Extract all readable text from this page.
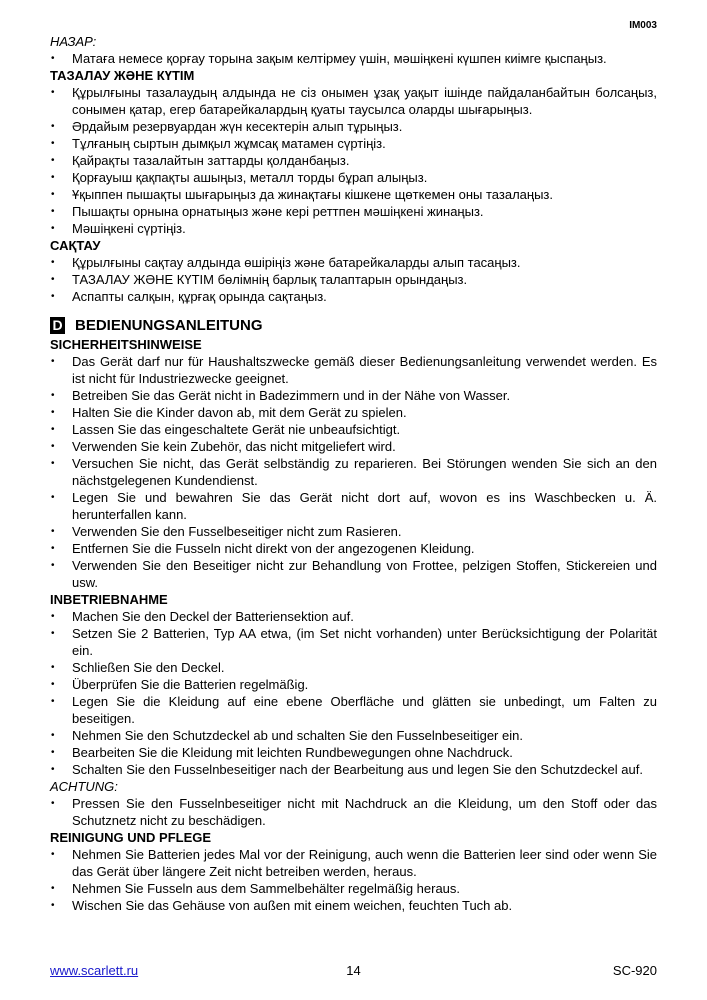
IM003
НАЗАР:
• Матаға немесе қорғау торына зақым келтірмеу үшін, мәшіңкені күшпен киімге қыспаңыз.
ТАЗАЛАУ ЖӘНЕ КҮТІМ
• Құрылғыны тазалаудың алдында не сіз онымен ұзақ уақыт ішінде пайдаланбайтын болсаңыз, сонымен қатар, егер батарейкалардың қуаты таусылса оларды шығарыңыз.
• Әрдайым резервуардан жүн кесектерін алып тұрыңыз.
• Тұлғаның сыртын дымқыл жұмсақ матамен сүртіңіз.
• Қайрақты тазалайтын заттарды қолданбаңыз.
• Қорғауыш қақпақты ашыңыз, металл торды бұрап алыңыз.
• Ұқыппен пышақты шығарыңыз да жинақтағы кішкене щөткемен оны тазалаңыз.
• Пышақты орнына орнатыңыз және кері реттпен мәшіңкені жинаңыз.
• Мәшіңкені сүртіңіз.
САҚТАУ
• Құрылғыны сақтау алдында өшіріңіз және батарейкаларды алып тасаңыз.
• ТАЗАЛАУ ЖӘНЕ КҮТІМ бөлімнің барлық талаптарын орындаңыз.
• Аспапты салқын, құрғақ орында сақтаңыз.
D BEDIENUNGSANLEITUNG
SICHERHEITSHINWEISE
• Das Gerät darf nur für Haushaltszwecke gemäß dieser Bedienungsanleitung verwendet werden. Es ist nicht für Industriezwecke geeignet.
• Betreiben Sie das Gerät nicht in Badezimmern und in der Nähe von Wasser.
• Halten Sie die Kinder davon ab, mit dem Gerät zu spielen.
• Lassen Sie das eingeschaltete Gerät nie unbeaufsichtigt.
• Verwenden Sie kein Zubehör, das nicht mitgeliefert wird.
• Versuchen Sie nicht, das Gerät selbständig zu reparieren. Bei Störungen wenden Sie sich an den nächstgelegenen Kundendienst.
• Legen Sie und bewahren Sie das Gerät nicht dort auf, wovon es ins Waschbecken u. Ä. herunterfallen kann.
• Verwenden Sie den Fusselbeseitiger nicht zum Rasieren.
• Entfernen Sie die Fusseln nicht direkt von der angezogenen Kleidung.
• Verwenden Sie den Beseitiger nicht zur Behandlung von Frottee, pelzigen Stoffen, Stickereien und usw.
INBETRIEBNAHME
• Machen Sie den Deckel der Batteriensektion auf.
• Setzen Sie 2 Batterien, Typ AA etwa, (im Set nicht vorhanden) unter Berücksichtigung der Polarität ein.
• Schließen Sie den Deckel.
• Überprüfen Sie die Batterien regelmäßig.
• Legen Sie die Kleidung auf eine ebene Oberfläche und glätten sie unbedingt, um Falten zu beseitigen.
• Nehmen Sie den Schutzdeckel ab und schalten Sie den Fusselnbeseitiger ein.
• Bearbeiten Sie die Kleidung mit leichten Rundbewegungen ohne Nachdruck.
• Schalten Sie den Fusselnbeseitiger nach der Bearbeitung aus und legen Sie den Schutzdeckel auf.
ACHTUNG:
• Pressen Sie den Fusselnbeseitiger nicht mit Nachdruck an die Kleidung, um den Stoff oder das Schutznetz nicht zu beschädigen.
REINIGUNG UND PFLEGE
• Nehmen Sie Batterien jedes Mal vor der Reinigung, auch wenn die Batterien leer sind oder wenn Sie das Gerät über längere Zeit nicht betreiben werden, heraus.
• Nehmen Sie Fusseln aus dem Sammelbehälter regelmäßig heraus.
• Wischen Sie das Gehäuse von außen mit einem weichen, feuchten Tuch ab.
www.scarlett.ru	14	SC-920
